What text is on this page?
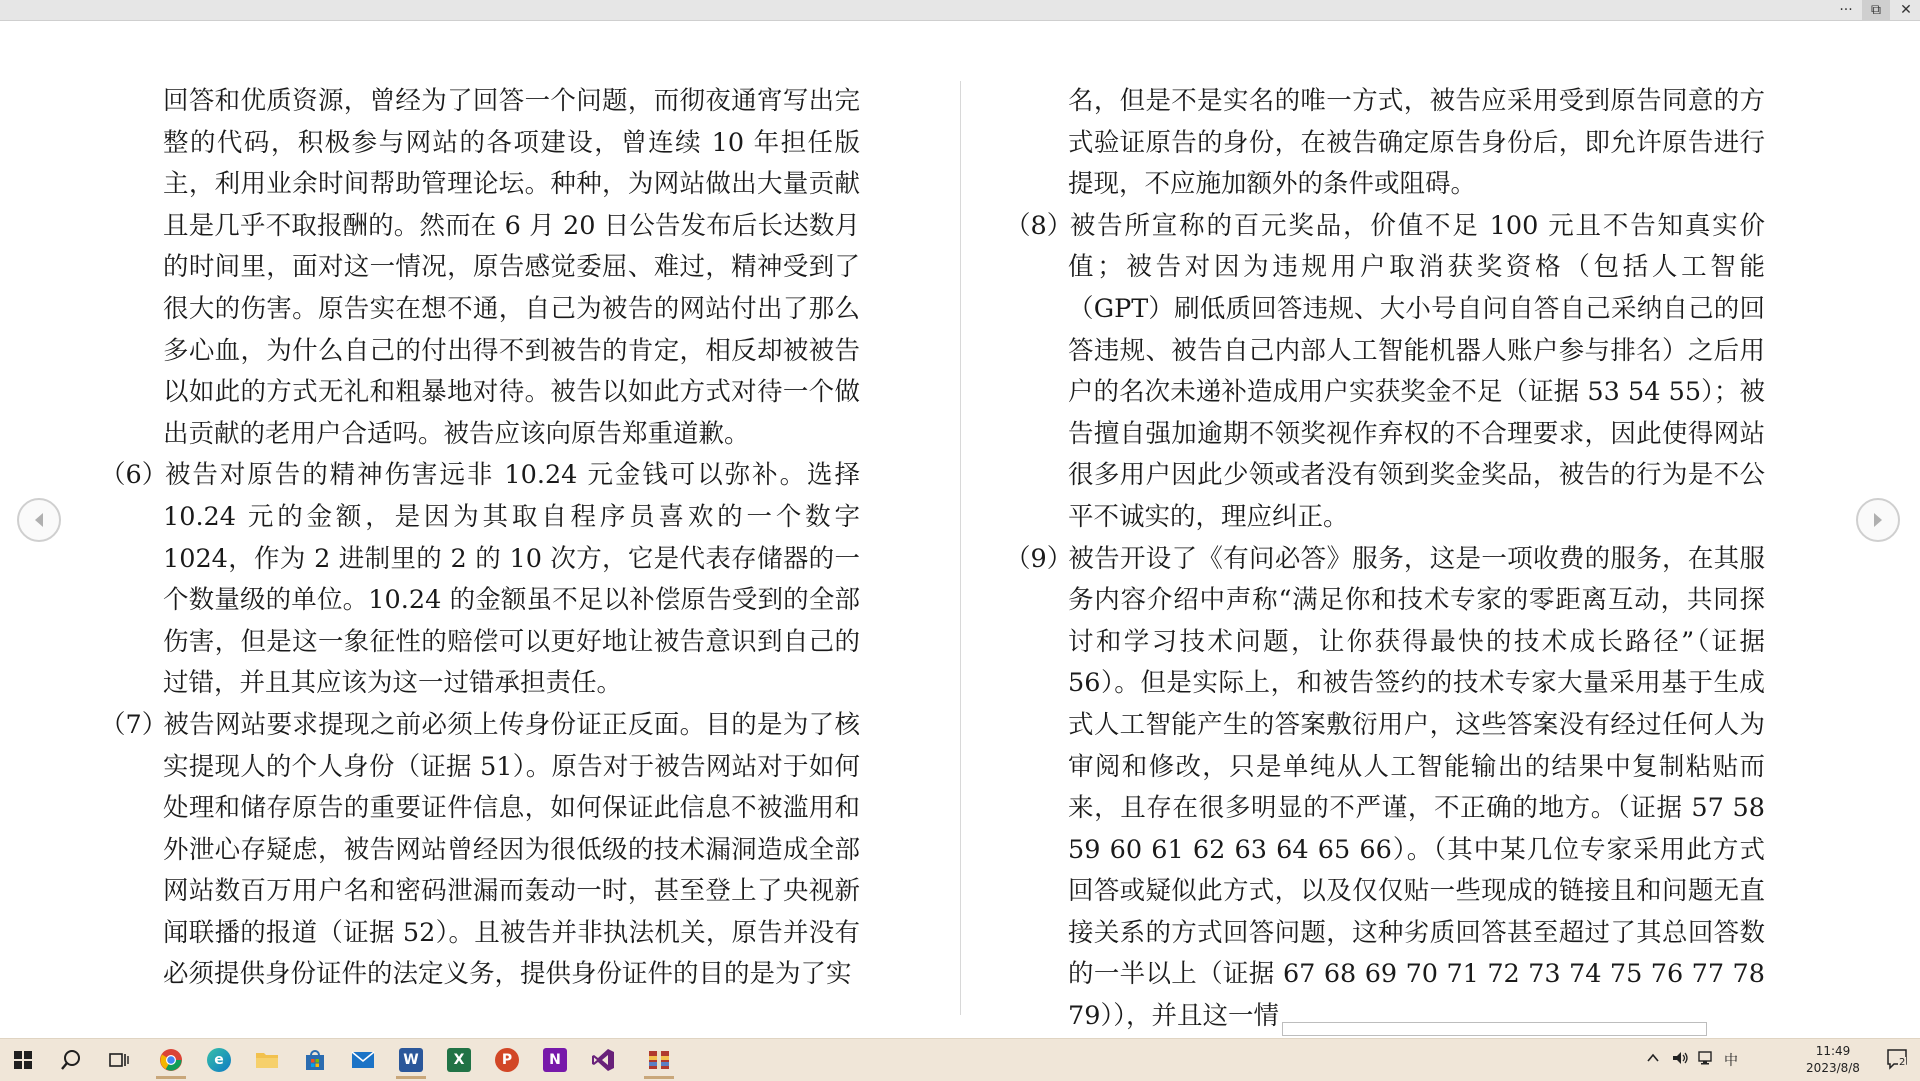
···	⧉	✕

回答和优质资源，曾经为了回答一个问题，而彻夜通宵写出完整的代码，积极参与网站的各项建设，曾连续 10 年担任版主，利用业余时间帮助管理论坛。种种，为网站做出大量贡献且是几乎不取报酬的。然而在 6 月 20 日公告发布后长达数月的时间里，面对这一情况，原告感觉委屈、难过，精神受到了很大的伤害。原告实在想不通，自己为被告的网站付出了那么多心血，为什么自己的付出得不到被告的肯定，相反却被被告以如此的方式无礼和粗暴地对待。被告以如此方式对待一个做出贡献的老用户合适吗。被告应该向原告郑重道歉。

（6）被告对原告的精神伤害远非 10.24 元金钱可以弥补。选择 10.24 元的金额，是因为其取自程序员喜欢的一个数字 1024，作为 2 进制里的 2 的 10 次方，它是代表存储器的一个数量级的单位。10.24 的金额虽不足以补偿原告受到的全部伤害，但是这一象征性的赔偿可以更好地让被告意识到自己的过错，并且其应该为这一过错承担责任。

（7）被告网站要求提现之前必须上传身份证正反面。目的是为了核实提现人的个人身份（证据 51）。原告对于被告网站对于如何处理和储存原告的重要证件信息，如何保证此信息不被滥用和外泄心存疑虑，被告网站曾经因为很低级的技术漏洞造成全部网站数百万用户名和密码泄漏而轰动一时，甚至登上了央视新闻联播的报道（证据 52）。且被告并非执法机关，原告并没有必须提供身份证件的法定义务，提供身份证件的目的是为了实

名，但是不是实名的唯一方式，被告应采用受到原告同意的方式验证原告的身份，在被告确定原告身份后，即允许原告进行提现，不应施加额外的条件或阻碍。

（8）被告所宣称的百元奖品，价值不足 100 元且不告知真实价值；被告对因为违规用户取消获奖资格（包括人工智能（GPT）刷低质回答违规、大小号自问自答自己采纳自己的回答违规、被告自己内部人工智能机器人账户参与排名）之后用户的名次未递补造成用户实获奖金不足（证据 53 54 55）；被告擅自强加逾期不领奖视作弃权的不合理要求，因此使得网站很多用户因此少领或者没有领到奖金奖品，被告的行为是不公平不诚实的，理应纠正。

（9）被告开设了《有问必答》服务，这是一项收费的服务，在其服务内容介绍中声称“满足你和技术专家的零距离互动，共同探讨和学习技术问题，让你获得最快的技术成长路径”（证据 56）。但是实际上，和被告签约的技术专家大量采用基于生成式人工智能产生的答案敷衍用户，这些答案没有经过任何人为审阅和修改，只是单纯从人工智能输出的结果中复制粘贴而来，且存在很多明显的不严谨，不正确的地方。（证据 57 58 59 60 61 62 63 64 65 66）。（其中某几位专家采用此方式回答或疑似此方式，以及仅仅贴一些现成的链接且和问题无直接关系的方式回答问题，这种劣质回答甚至超过了其总回答数的一半以上（证据 67 68 69 70 71 72 73 74 75 76 77 78 79）），并且这一情

e	W	X	P	N	中
11:49
2023/8/8	2
